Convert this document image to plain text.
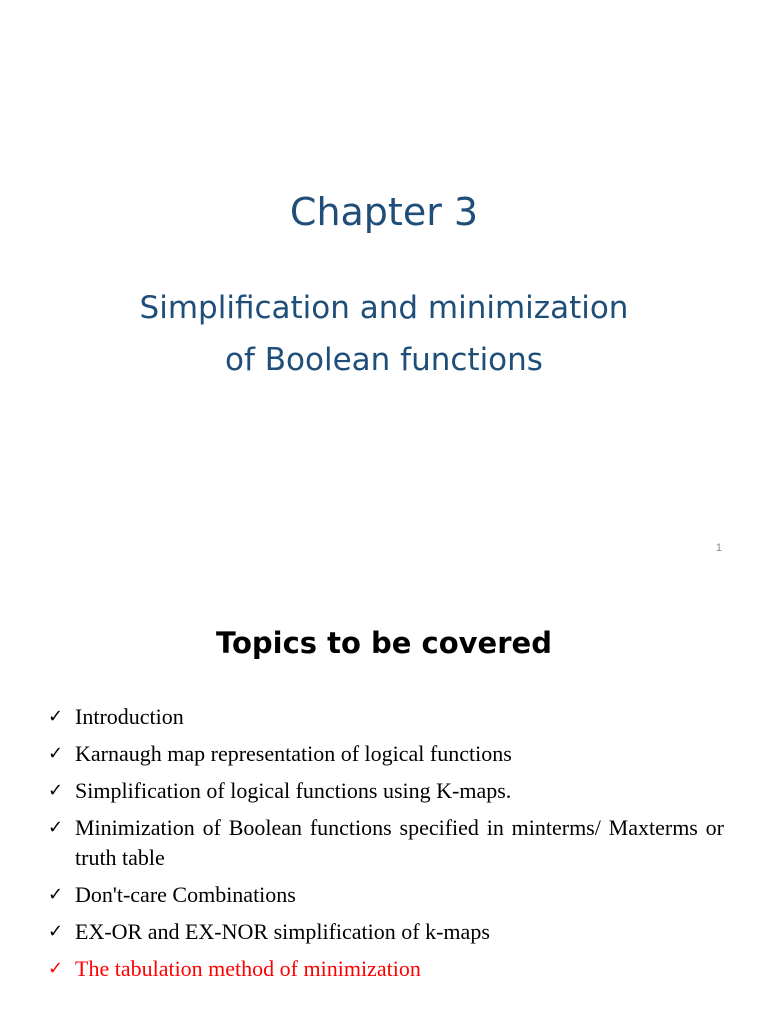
Chapter 3
Simplification and minimization
of Boolean functions
1
Topics to be covered
✓ Introduction
✓ Karnaugh map representation of logical functions
✓ Simplification of logical functions using K-maps.
✓ Minimization of Boolean functions specified in minterms/ Maxterms or truth table
✓ Don't-care Combinations
✓ EX-OR and EX-NOR simplification of k-maps
✓ The tabulation method of minimization
